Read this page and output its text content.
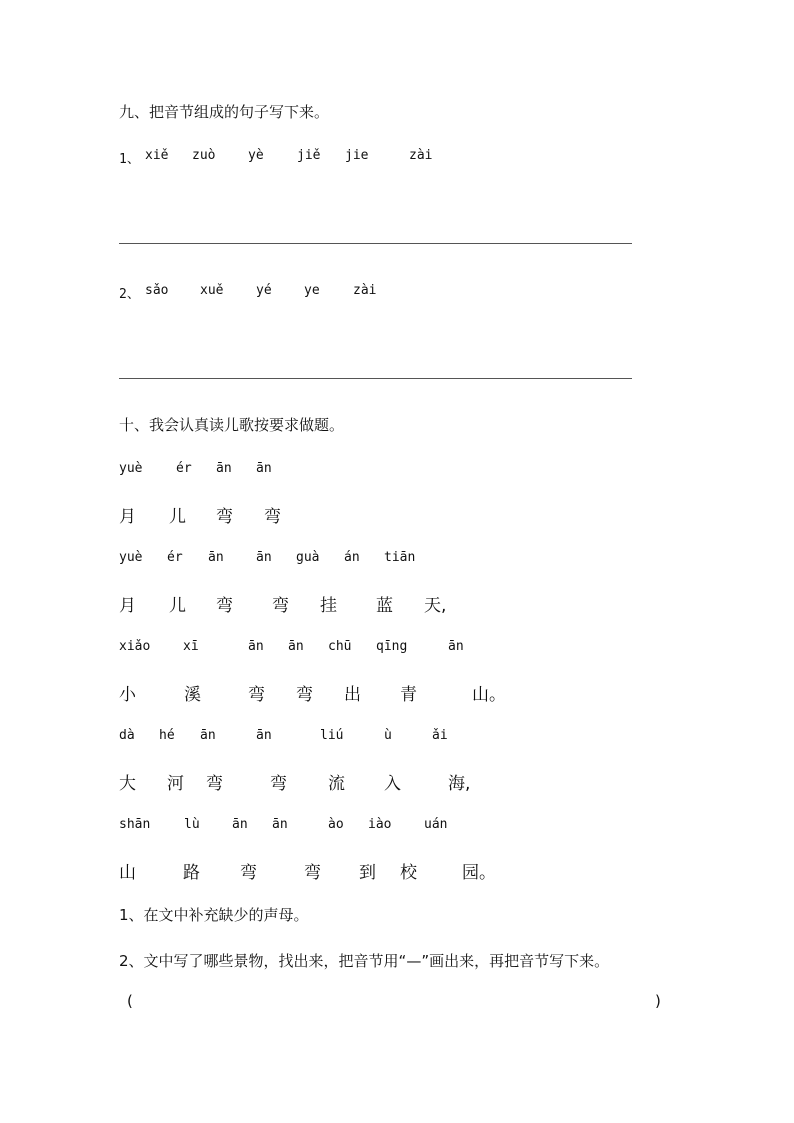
九、把音节组成的句子写下来。
1、 xiě zuò	yè	jiě jie	zài
2、 sǎo xuě	yé ye	zài
十、我会认真读儿歌按要求做题。
yuè	ér ān ān
月 儿 弯 弯
yuè ér ān ān guà án tiān
月 儿 弯 弯 挂 蓝 天,
xiǎo	xī	ān ān chū qīng	ān
小	溪	弯 弯 出 青	山。
dà hé ān	ān	liú	ù	ǎi
大 河 弯	弯 流 入	海,
shān	lù ān ān	ào iào	uán
山	路 弯	弯 到 校	园。
1、在文中补充缺少的声母。
2、文中写了哪些景物，找出来，把音节用“—”画出来，再把音节写下来。
(	)
